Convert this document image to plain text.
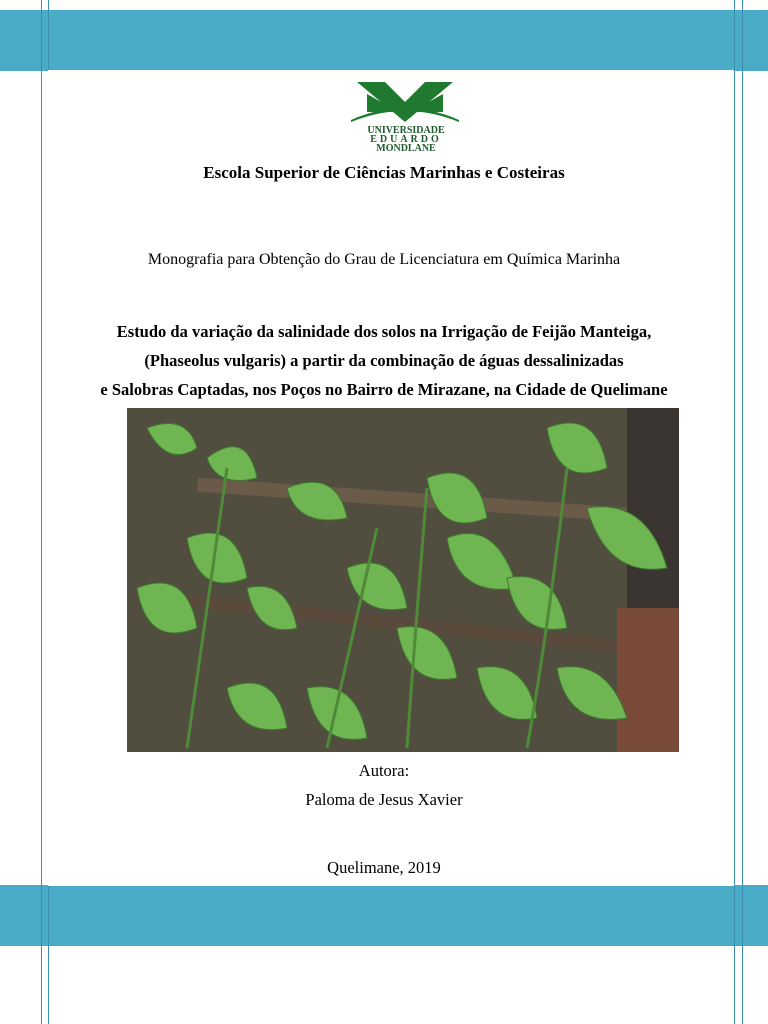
UNIVERSIDADE
EDUARDO
MONDLANE
Escola Superior de Ciências Marinhas e Costeiras
Monografia para Obtenção do Grau de Licenciatura em Química Marinha
Estudo da variação da salinidade dos solos na Irrigação de Feijão Manteiga,
(Phaseolus vulgaris) a partir da combinação de águas dessalinizadas
e Salobras Captadas, nos Poços no Bairro de Mirazane, na Cidade de Quelimane
Autora:
Paloma de Jesus Xavier
Quelimane, 2019
